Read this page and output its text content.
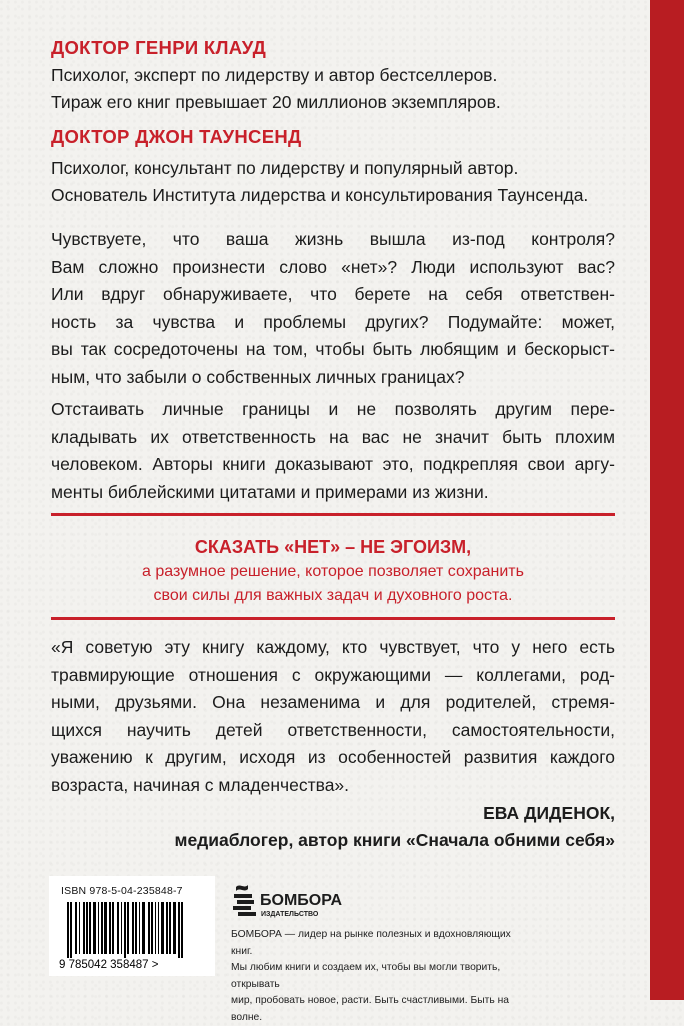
ДОКТОР ГЕНРИ КЛАУД
Психолог, эксперт по лидерству и автор бестселлеров.
Тираж его книг превышает 20 миллионов экземпляров.
ДОКТОР ДЖОН ТАУНСЕНД
Психолог, консультант по лидерству и популярный автор.
Основатель Института лидерства и консультирования Таунсенда.
Чувствуете, что ваша жизнь вышла из-под контроля?
Вам сложно произнести слово «нет»? Люди используют вас?
Или вдруг обнаруживаете, что берете на себя ответствен-
ность за чувства и проблемы других? Подумайте: может,
вы так сосредоточены на том, чтобы быть любящим и бескорыст-
ным, что забыли о собственных личных границах?
Отстаивать личные границы и не позволять другим пере-
кладывать их ответственность на вас не значит быть плохим
человеком. Авторы книги доказывают это, подкрепляя свои аргу-
менты библейскими цитатами и примерами из жизни.
СКАЗАТЬ «НЕТ» – НЕ ЭГОИЗМ,
а разумное решение, которое позволяет сохранить
свои силы для важных задач и духовного роста.
«Я советую эту книгу каждому, кто чувствует, что у него есть
травмирующие отношения с окружающими — коллегами, род-
ными, друзьями. Она незаменима и для родителей, стремя-
щихся научить детей ответственности, самостоятельности,
уважению к другим, исходя из особенностей развития каждого
возраста, начиная с младенчества».
ЕВА ДИДЕНОК,
медиаблогер, автор книги «Сначала обними себя»
ISBN 978-5-04-235848-7
9 785042 358487 >
БОМБОРА
ИЗДАТЕЛЬСТВО
БОМБОРА — лидер на рынке полезных и вдохновляющих книг.
Мы любим книги и создаем их, чтобы вы могли творить, открывать
мир, пробовать новое, расти. Быть счастливыми. Быть на волне.
